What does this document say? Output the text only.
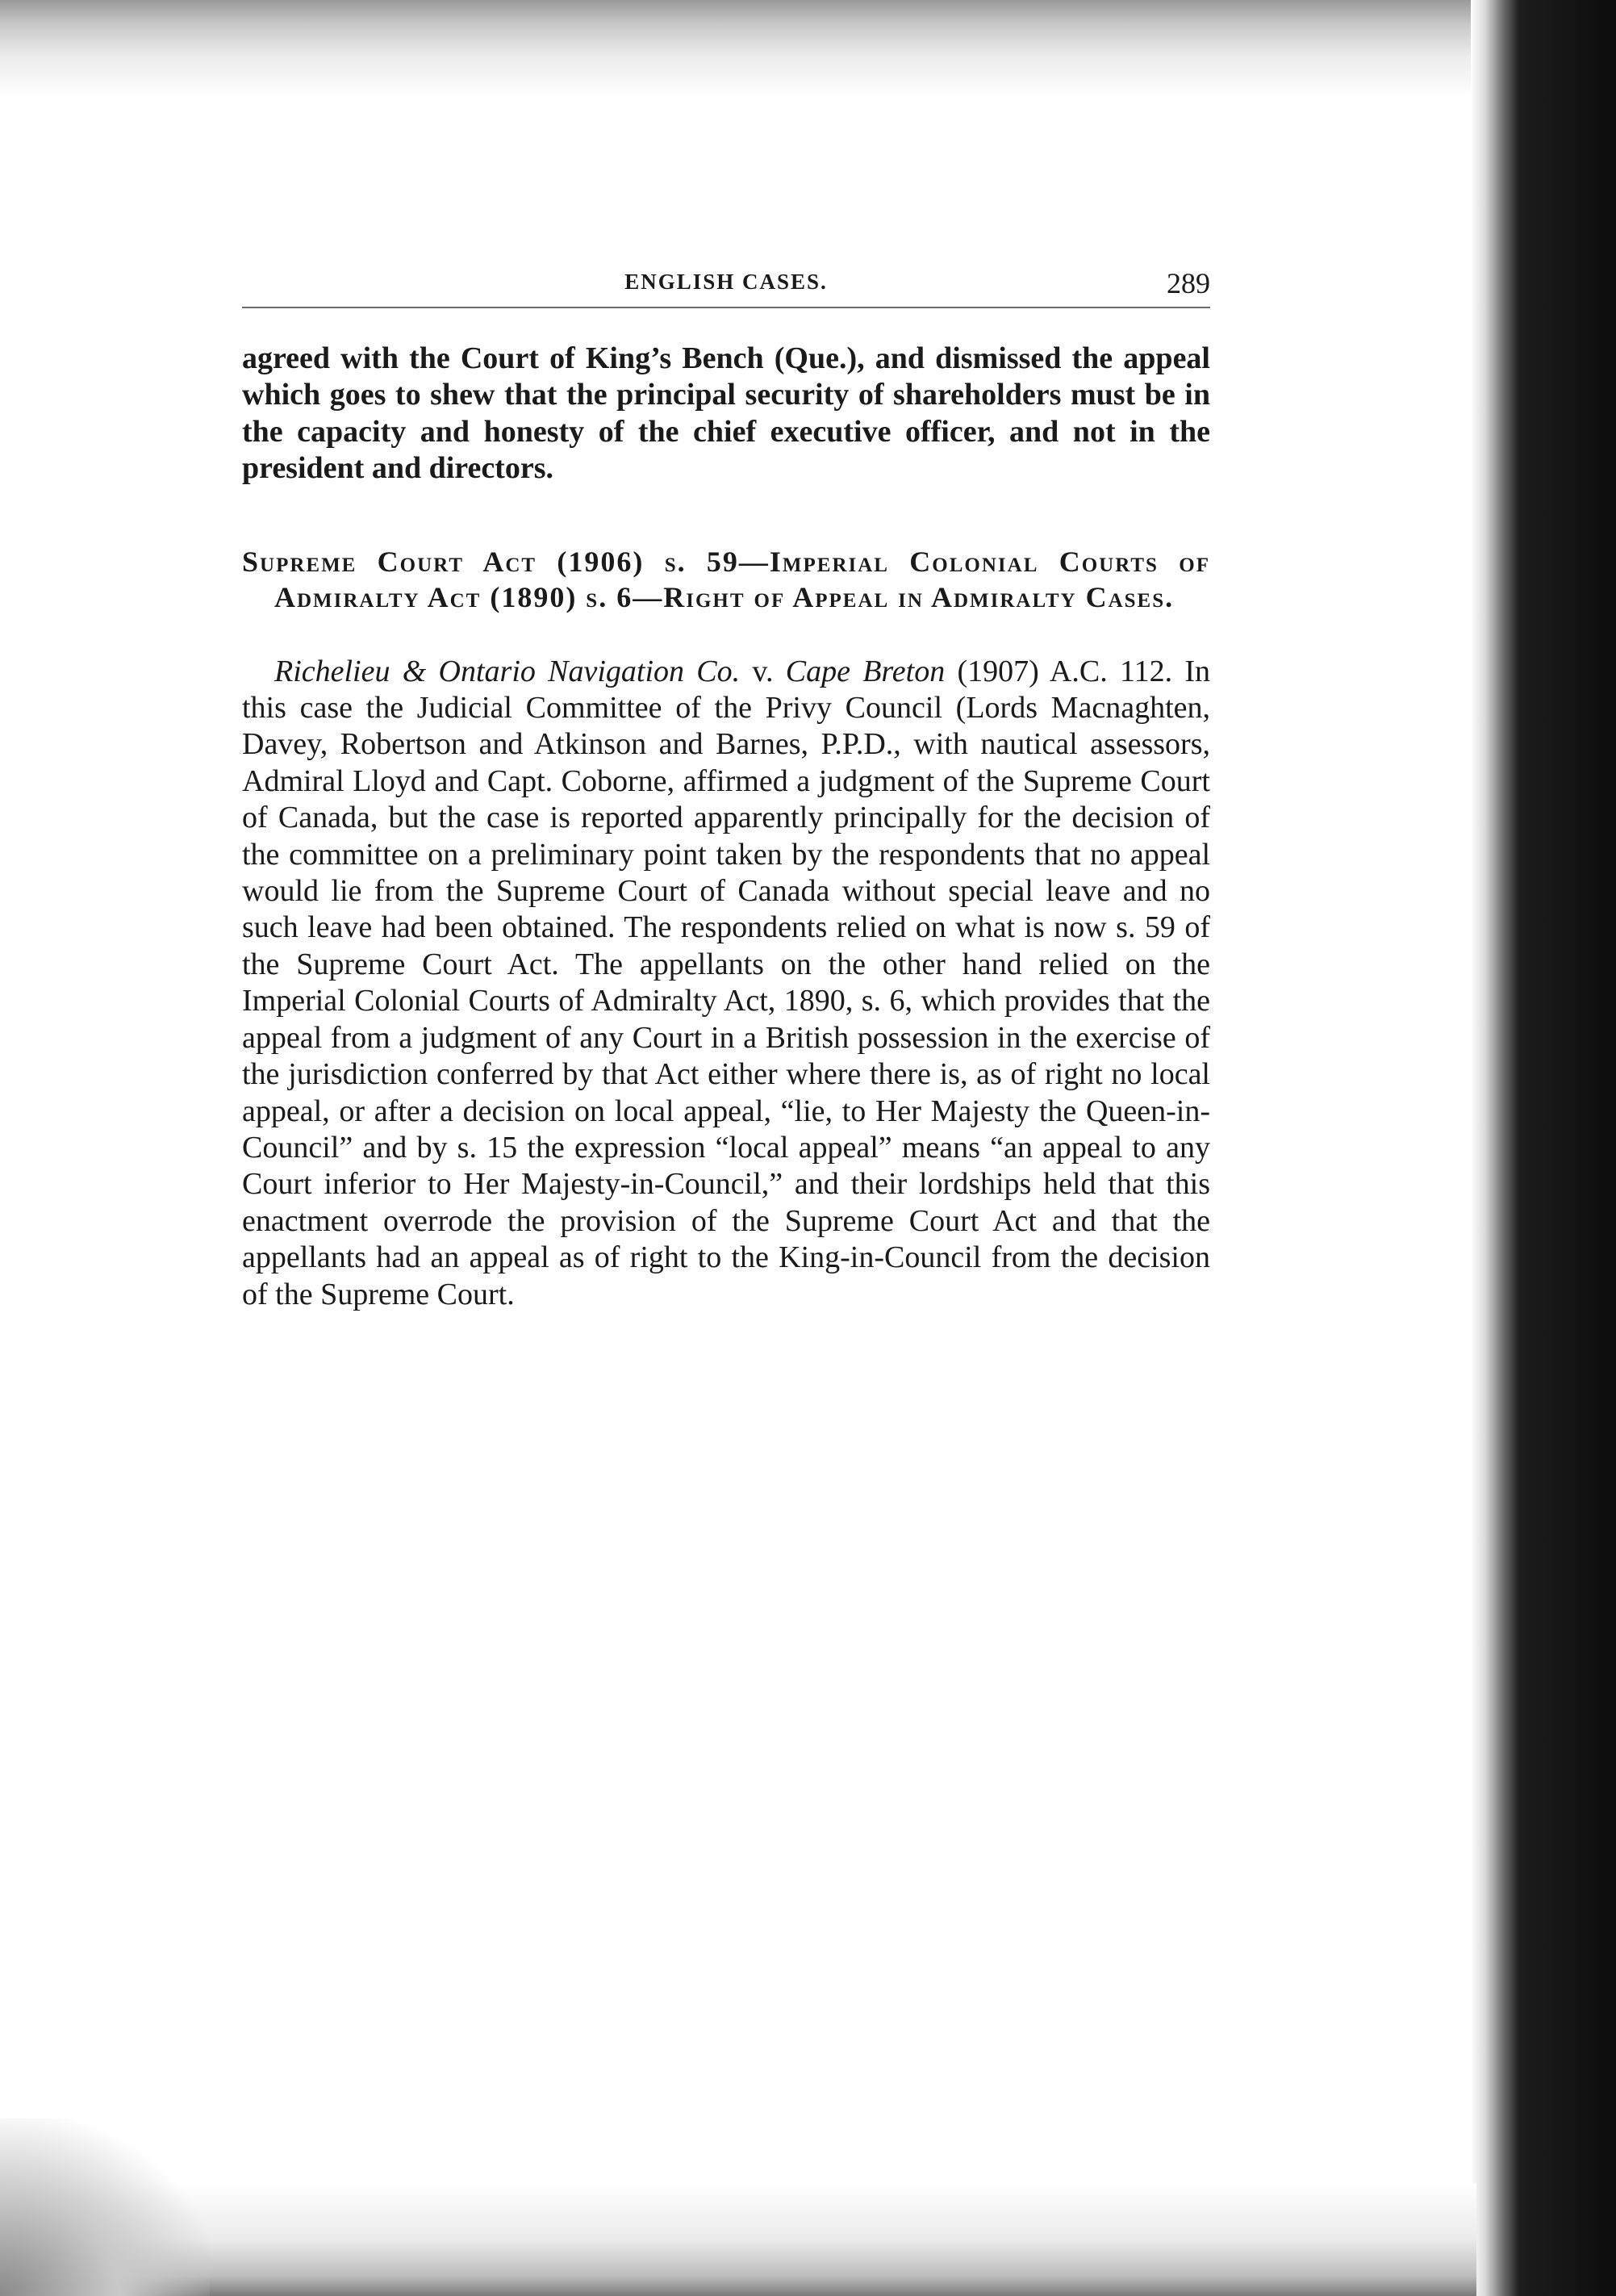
ENGLISH CASES.	289

agreed with the Court of King’s Bench (Que.), and dismissed the appeal which goes to shew that the principal security of shareholders must be in the capacity and honesty of the chief executive officer, and not in the president and directors.

Supreme Court Act (1906) s. 59—Imperial Colonial Courts of Admiralty Act (1890) s. 6—Right of Appeal in Admiralty Cases.

Richelieu & Ontario Navigation Co. v. Cape Breton (1907) A.C. 112. In this case the Judicial Committee of the Privy Council (Lords Macnaghten, Davey, Robertson and Atkinson and Barnes, P.P.D., with nautical assessors, Admiral Lloyd and Capt. Coborne, affirmed a judgment of the Supreme Court of Canada, but the case is reported apparently principally for the decision of the committee on a preliminary point taken by the respondents that no appeal would lie from the Supreme Court of Canada without special leave and no such leave had been obtained. The respondents relied on what is now s. 59 of the Supreme Court Act. The appellants on the other hand relied on the Imperial Colonial Courts of Admiralty Act, 1890, s. 6, which provides that the appeal from a judgment of any Court in a British possession in the exercise of the jurisdiction conferred by that Act either where there is, as of right no local appeal, or after a decision on local appeal, “lie, to Her Majesty the Queen-in-Council” and by s. 15 the expression “local appeal” means “an appeal to any Court inferior to Her Majesty-in-Council,” and their lordships held that this enactment overrode the provision of the Supreme Court Act and that the appellants had an appeal as of right to the King-in-Council from the decision of the Supreme Court.
